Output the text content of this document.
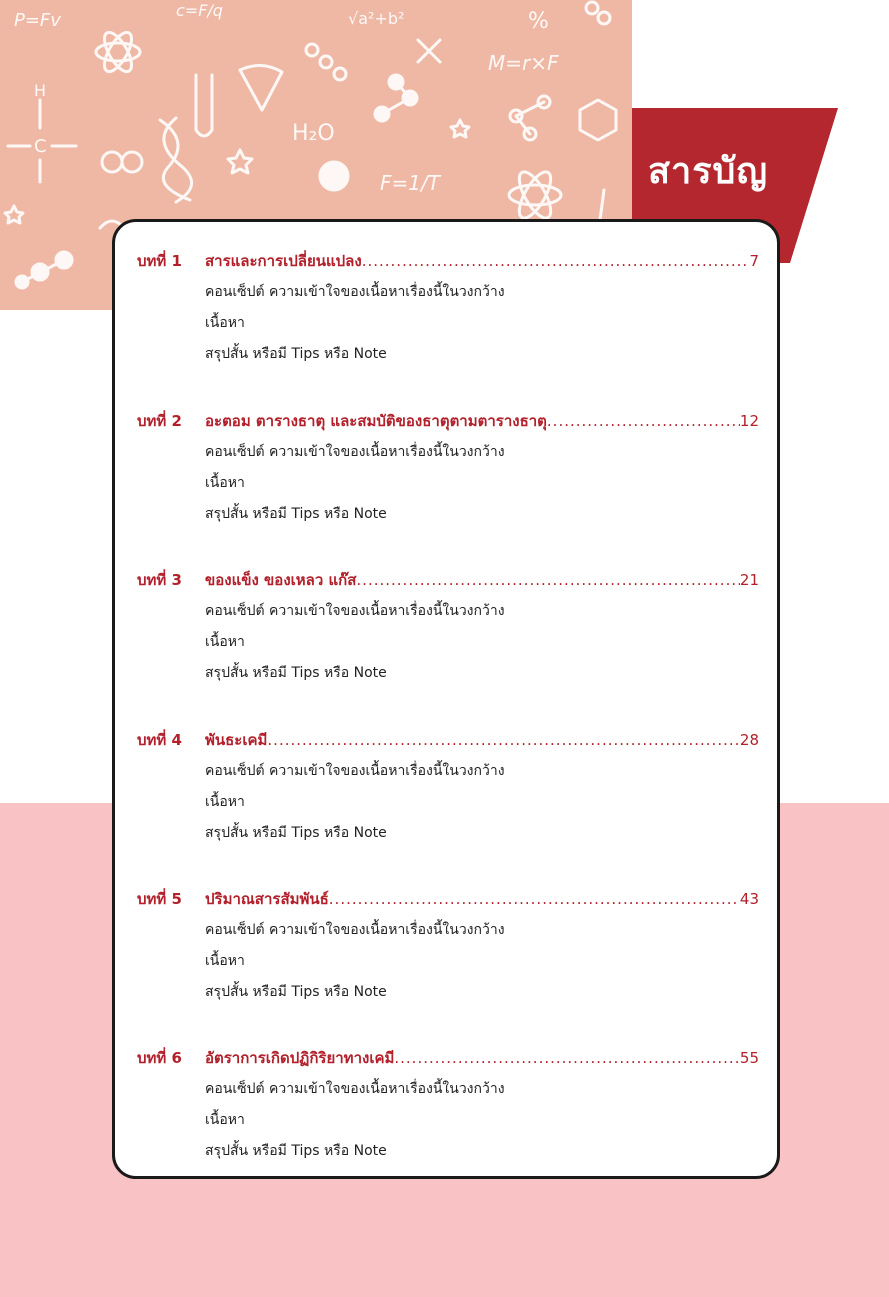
P=Fv	c=F/q	√a²+b²
M=r×F
H₂O
F=1/T
H
C
%
สารบัญ
บทที่ 1	สารและการเปลี่ยนแปลง .....	7
คอนเซ็ปต์ ความเข้าใจของเนื้อหาเรื่องนี้ในวงกว้าง
เนื้อหา
สรุปสั้น หรือมี Tips หรือ Note
บทที่ 2	อะตอม ตารางธาตุ และสมบัติของธาตุตามตารางธาตุ .....	12
คอนเซ็ปต์ ความเข้าใจของเนื้อหาเรื่องนี้ในวงกว้าง
เนื้อหา
สรุปสั้น หรือมี Tips หรือ Note
บทที่ 3	ของแข็ง ของเหลว แก๊ส .....	21
คอนเซ็ปต์ ความเข้าใจของเนื้อหาเรื่องนี้ในวงกว้าง
เนื้อหา
สรุปสั้น หรือมี Tips หรือ Note
บทที่ 4	พันธะเคมี .....	28
คอนเซ็ปต์ ความเข้าใจของเนื้อหาเรื่องนี้ในวงกว้าง
เนื้อหา
สรุปสั้น หรือมี Tips หรือ Note
บทที่ 5	ปริมาณสารสัมพันธ์ .....	43
คอนเซ็ปต์ ความเข้าใจของเนื้อหาเรื่องนี้ในวงกว้าง
เนื้อหา
สรุปสั้น หรือมี Tips หรือ Note
บทที่ 6	อัตราการเกิดปฏิกิริยาทางเคมี .....	55
คอนเซ็ปต์ ความเข้าใจของเนื้อหาเรื่องนี้ในวงกว้าง
เนื้อหา
สรุปสั้น หรือมี Tips หรือ Note
